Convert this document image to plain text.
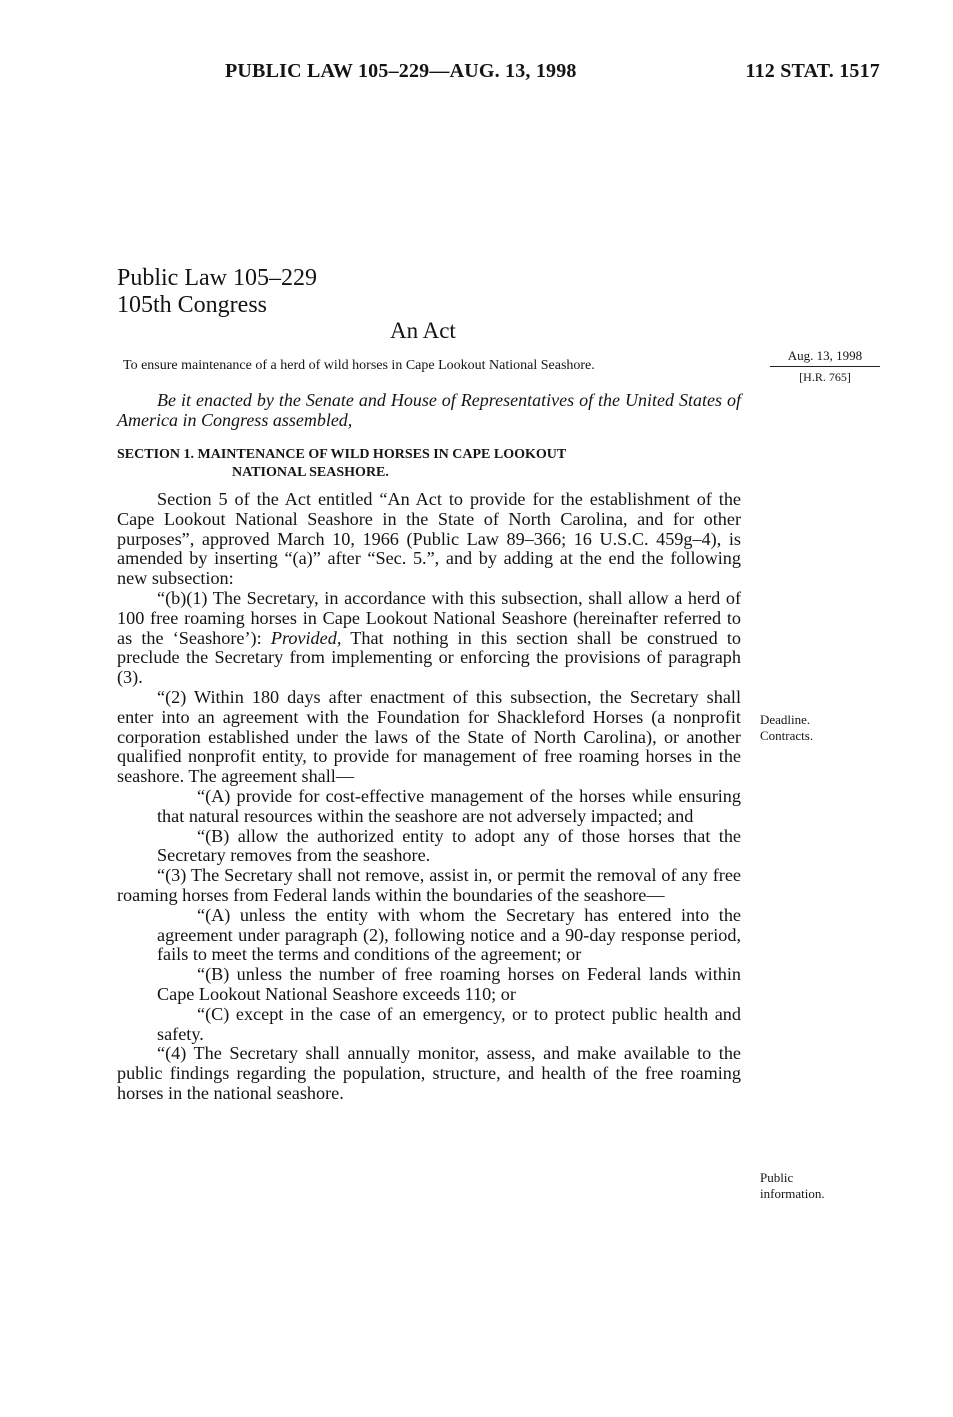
PUBLIC LAW 105–229—AUG. 13, 1998	112 STAT. 1517
Public Law 105–229
105th Congress
An Act
To ensure maintenance of a herd of wild horses in Cape Lookout National Seashore.
Aug. 13, 1998
[H.R. 765]
Be it enacted by the Senate and House of Representatives of the United States of America in Congress assembled,
SECTION 1. MAINTENANCE OF WILD HORSES IN CAPE LOOKOUT
NATIONAL SEASHORE.

Section 5 of the Act entitled “An Act to provide for the establishment of the Cape Lookout National Seashore in the State of North Carolina, and for other purposes”, approved March 10, 1966 (Public Law 89–366; 16 U.S.C. 459g–4), is amended by inserting “(a)” after “Sec. 5.”, and by adding at the end the following new subsection:

“(b)(1) The Secretary, in accordance with this subsection, shall allow a herd of 100 free roaming horses in Cape Lookout National Seashore (hereinafter referred to as the ‘Seashore’): Provided, That nothing in this section shall be construed to preclude the Secretary from implementing or enforcing the provisions of paragraph (3).

“(2) Within 180 days after enactment of this subsection, the Secretary shall enter into an agreement with the Foundation for Shackleford Horses (a nonprofit corporation established under the laws of the State of North Carolina), or another qualified nonprofit entity, to provide for management of free roaming horses in the seashore. The agreement shall—

“(A) provide for cost-effective management of the horses while ensuring that natural resources within the seashore are not adversely impacted; and

“(B) allow the authorized entity to adopt any of those horses that the Secretary removes from the seashore.

“(3) The Secretary shall not remove, assist in, or permit the removal of any free roaming horses from Federal lands within the boundaries of the seashore—

“(A) unless the entity with whom the Secretary has entered into the agreement under paragraph (2), following notice and a 90-day response period, fails to meet the terms and conditions of the agreement; or

“(B) unless the number of free roaming horses on Federal lands within Cape Lookout National Seashore exceeds 110; or

“(C) except in the case of an emergency, or to protect public health and safety.

“(4) The Secretary shall annually monitor, assess, and make available to the public findings regarding the population, structure, and health of the free roaming horses in the national seashore.

Deadline.
Contracts.
Public
information.
